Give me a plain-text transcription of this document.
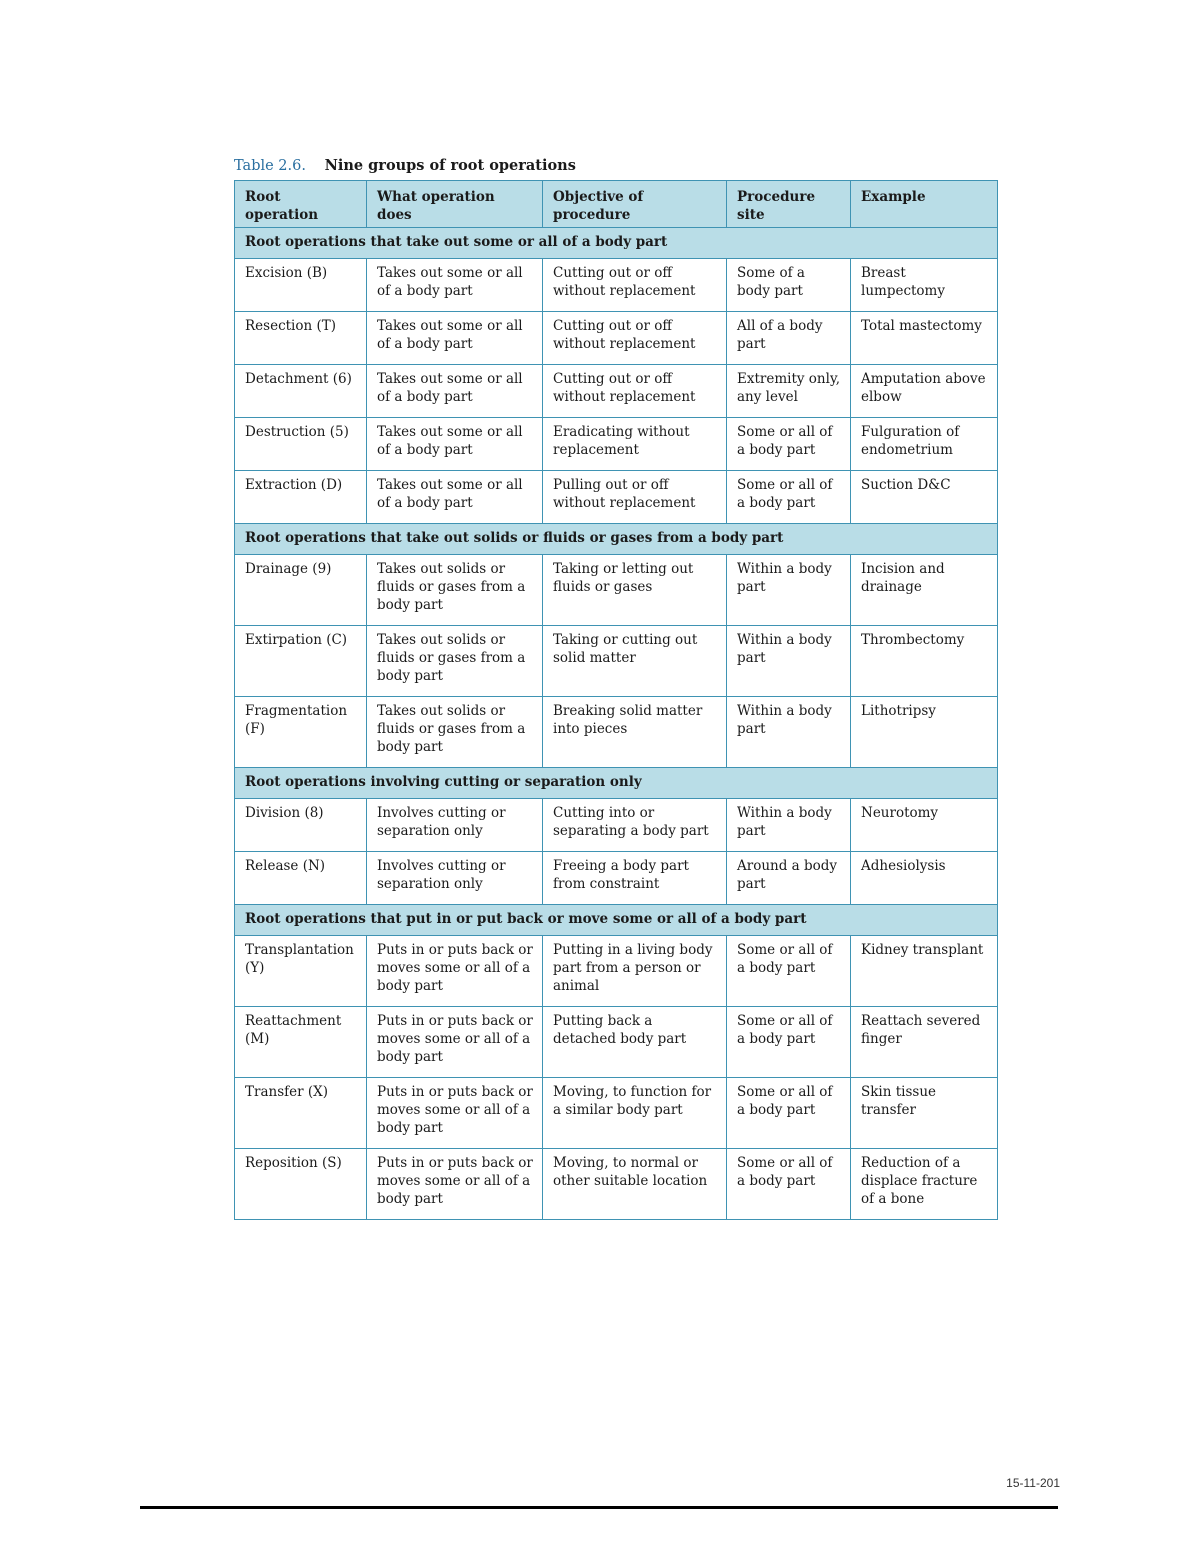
Table 2.6. Nine groups of root operations
Root operation	What operation does	Objective of procedure	Procedure site	Example
Root operations that take out some or all of a body part				
Excision (B)	Takes out some or all of a body part	Cutting out or off without replacement	Some of a body part	Breast lumpectomy
Resection (T)	Takes out some or all of a body part	Cutting out or off without replacement	All of a body part	Total mastectomy
Detachment (6)	Takes out some or all of a body part	Cutting out or off without replacement	Extremity only, any level	Amputation above elbow
Destruction (5)	Takes out some or all of a body part	Eradicating without replacement	Some or all of a body part	Fulguration of endometrium
Extraction (D)	Takes out some or all of a body part	Pulling out or off without replacement	Some or all of a body part	Suction D&C
Root operations that take out solids or fluids or gases from a body part				
Drainage (9)	Takes out solids or fluids or gases from a body part	Taking or letting out fluids or gases	Within a body part	Incision and drainage
Extirpation (C)	Takes out solids or fluids or gases from a body part	Taking or cutting out solid matter	Within a body part	Thrombectomy
Fragmentation (F)	Takes out solids or fluids or gases from a body part	Breaking solid matter into pieces	Within a body part	Lithotripsy
Root operations involving cutting or separation only				
Division (8)	Involves cutting or separation only	Cutting into or separating a body part	Within a body part	Neurotomy
Release (N)	Involves cutting or separation only	Freeing a body part from constraint	Around a body part	Adhesiolysis
Root operations that put in or put back or move some or all of a body part				
Transplantation (Y)	Puts in or puts back or moves some or all of a body part	Putting in a living body part from a person or animal	Some or all of a body part	Kidney transplant
Reattachment (M)	Puts in or puts back or moves some or all of a body part	Putting back a detached body part	Some or all of a body part	Reattach severed finger
Transfer (X)	Puts in or puts back or moves some or all of a body part	Moving, to function for a similar body part	Some or all of a body part	Skin tissue transfer
Reposition (S)	Puts in or puts back or moves some or all of a body part	Moving, to normal or other suitable location	Some or all of a body part	Reduction of a displace fracture of a bone
15-11-201
